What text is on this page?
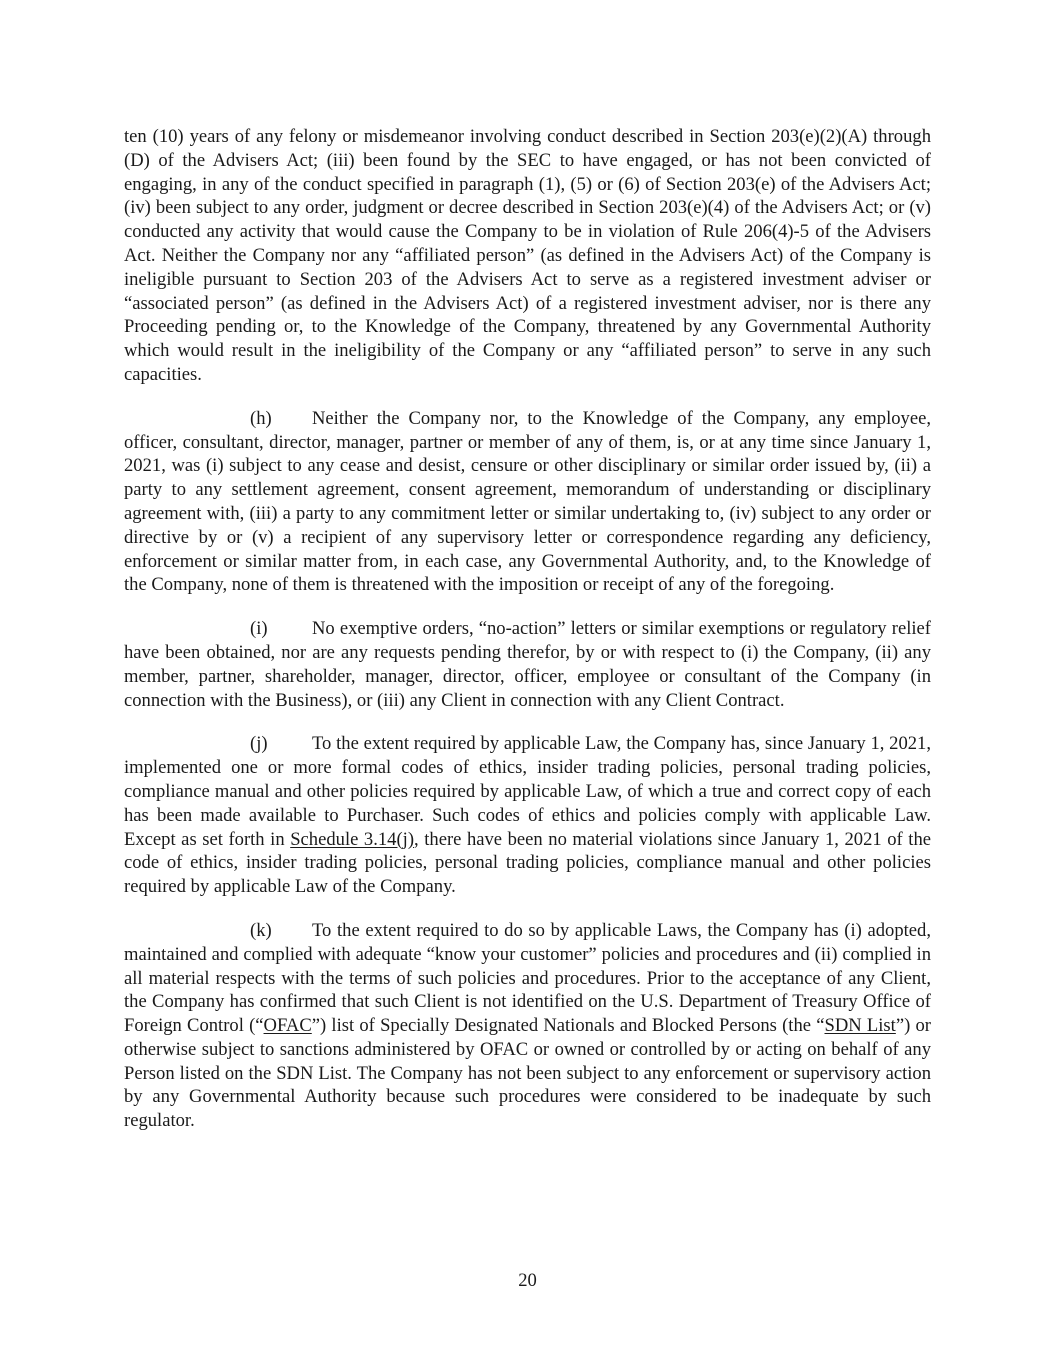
ten (10) years of any felony or misdemeanor involving conduct described in Section 203(e)(2)(A) through (D) of the Advisers Act; (iii) been found by the SEC to have engaged, or has not been convicted of engaging, in any of the conduct specified in paragraph (1), (5) or (6) of Section 203(e) of the Advisers Act; (iv) been subject to any order, judgment or decree described in Section 203(e)(4) of the Advisers Act; or (v) conducted any activity that would cause the Company to be in violation of Rule 206(4)-5 of the Advisers Act. Neither the Company nor any “affiliated person” (as defined in the Advisers Act) of the Company is ineligible pursuant to Section 203 of the Advisers Act to serve as a registered investment adviser or “associated person” (as defined in the Advisers Act) of a registered investment adviser, nor is there any Proceeding pending or, to the Knowledge of the Company, threatened by any Governmental Authority which would result in the ineligibility of the Company or any “affiliated person” to serve in any such capacities.

(h) Neither the Company nor, to the Knowledge of the Company, any employee, officer, consultant, director, manager, partner or member of any of them, is, or at any time since January 1, 2021, was (i) subject to any cease and desist, censure or other disciplinary or similar order issued by, (ii) a party to any settlement agreement, consent agreement, memorandum of understanding or disciplinary agreement with, (iii) a party to any commitment letter or similar undertaking to, (iv) subject to any order or directive by or (v) a recipient of any supervisory letter or correspondence regarding any deficiency, enforcement or similar matter from, in each case, any Governmental Authority, and, to the Knowledge of the Company, none of them is threatened with the imposition or receipt of any of the foregoing.

(i) No exemptive orders, “no-action” letters or similar exemptions or regulatory relief have been obtained, nor are any requests pending therefor, by or with respect to (i) the Company, (ii) any member, partner, shareholder, manager, director, officer, employee or consultant of the Company (in connection with the Business), or (iii) any Client in connection with any Client Contract.

(j) To the extent required by applicable Law, the Company has, since January 1, 2021, implemented one or more formal codes of ethics, insider trading policies, personal trading policies, compliance manual and other policies required by applicable Law, of which a true and correct copy of each has been made available to Purchaser. Such codes of ethics and policies comply with applicable Law. Except as set forth in Schedule 3.14(j), there have been no material violations since January 1, 2021 of the code of ethics, insider trading policies, personal trading policies, compliance manual and other policies required by applicable Law of the Company.

(k) To the extent required to do so by applicable Laws, the Company has (i) adopted, maintained and complied with adequate “know your customer” policies and procedures and (ii) complied in all material respects with the terms of such policies and procedures. Prior to the acceptance of any Client, the Company has confirmed that such Client is not identified on the U.S. Department of Treasury Office of Foreign Control (“OFAC”) list of Specially Designated Nationals and Blocked Persons (the “SDN List”) or otherwise subject to sanctions administered by OFAC or owned or controlled by or acting on behalf of any Person listed on the SDN List. The Company has not been subject to any enforcement or supervisory action by any Governmental Authority because such procedures were considered to be inadequate by such regulator.

20
